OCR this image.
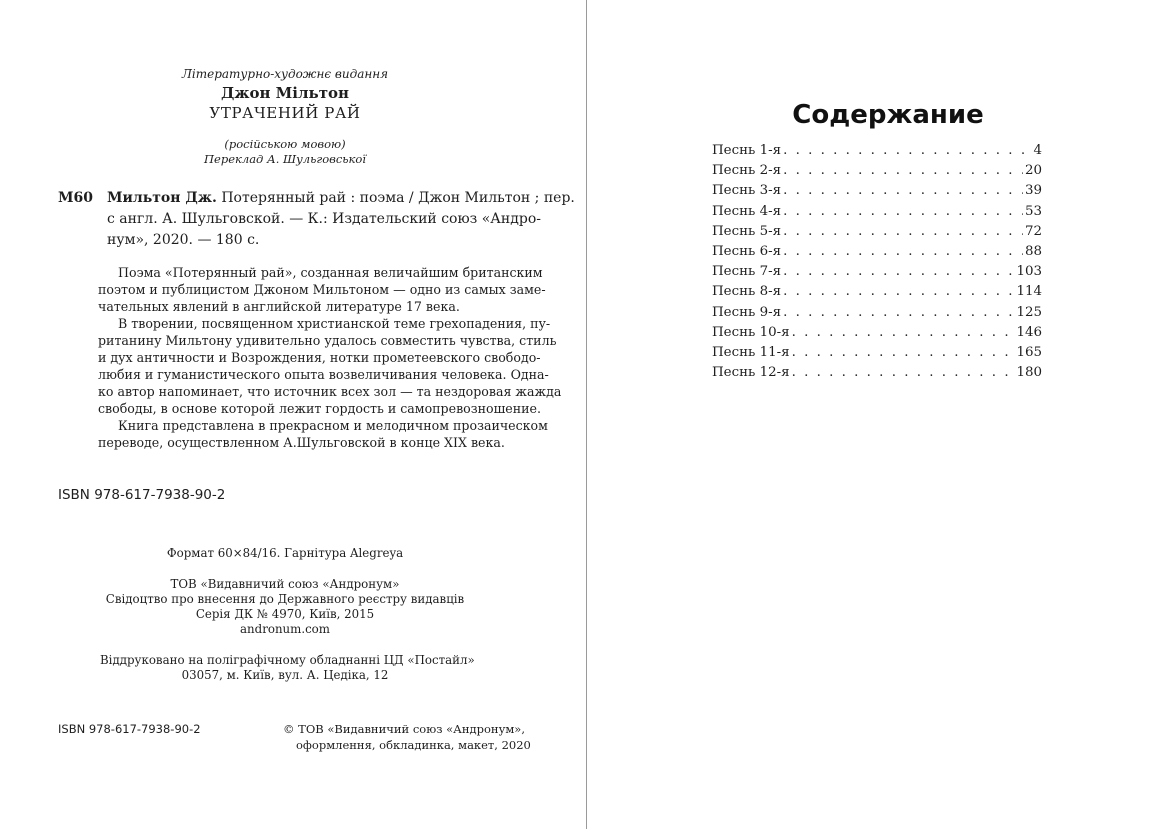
Літературно-художнє видання
Джон Мільтон
УТРАЧЕНИЙ РАЙ
(російською мовою)
Переклад А. Шульговської
М60 Мильтон Дж. Потерянный рай : поэма / Джон Мильтон ; пер.
с англ. А. Шульговской. — К.: Издательский союз «Андро-
нум», 2020. — 180 с.
Поэма «Потерянный рай», созданная величайшим британским
поэтом и публицистом Джоном Мильтоном — одно из самых заме-
чательных явлений в английской литературе 17 века.
В творении, посвященном христианской теме грехопадения, пу-
ританину Мильтону удивительно удалось совместить чувства, стиль
и дух античности и Возрождения, нотки прометеевского свободо-
любия и гуманистического опыта возвеличивания человека. Одна-
ко автор напоминает, что источник всех зол — та нездоровая жажда
свободы, в основе которой лежит гордость и самопревозношение.
Книга представлена в прекрасном и мелодичном прозаическом
переводе, осуществленном А.Шульговской в конце XIX века.
ISBN 978-617-7938-90-2
Формат 60×84/16. Гарнітура Alegreya
ТОВ «Видавничий союз «Андронум»
Свідоцтво про внесення до Державного реєстру видавців
Серія ДК № 4970, Київ, 2015
andronum.com
Віддруковано на поліграфічному обладнанні ЦД «Постайл»
03057, м. Київ, вул. А. Цедіка, 12
ISBN 978-617-7938-90-2	© ТОВ «Видавничий союз «Андронум»,
оформлення, обкладинка, макет, 2020
Содержание
Песнь 1-я . . .	4
Песнь 2-я . . .	20
Песнь 3-я . . .	39
Песнь 4-я . . .	53
Песнь 5-я . . .	72
Песнь 6-я . . .	88
Песнь 7-я . . .	103
Песнь 8-я . . .	114
Песнь 9-я . . .	125
Песнь 10-я . . .	146
Песнь 11-я . . .	165
Песнь 12-я . . .	180
